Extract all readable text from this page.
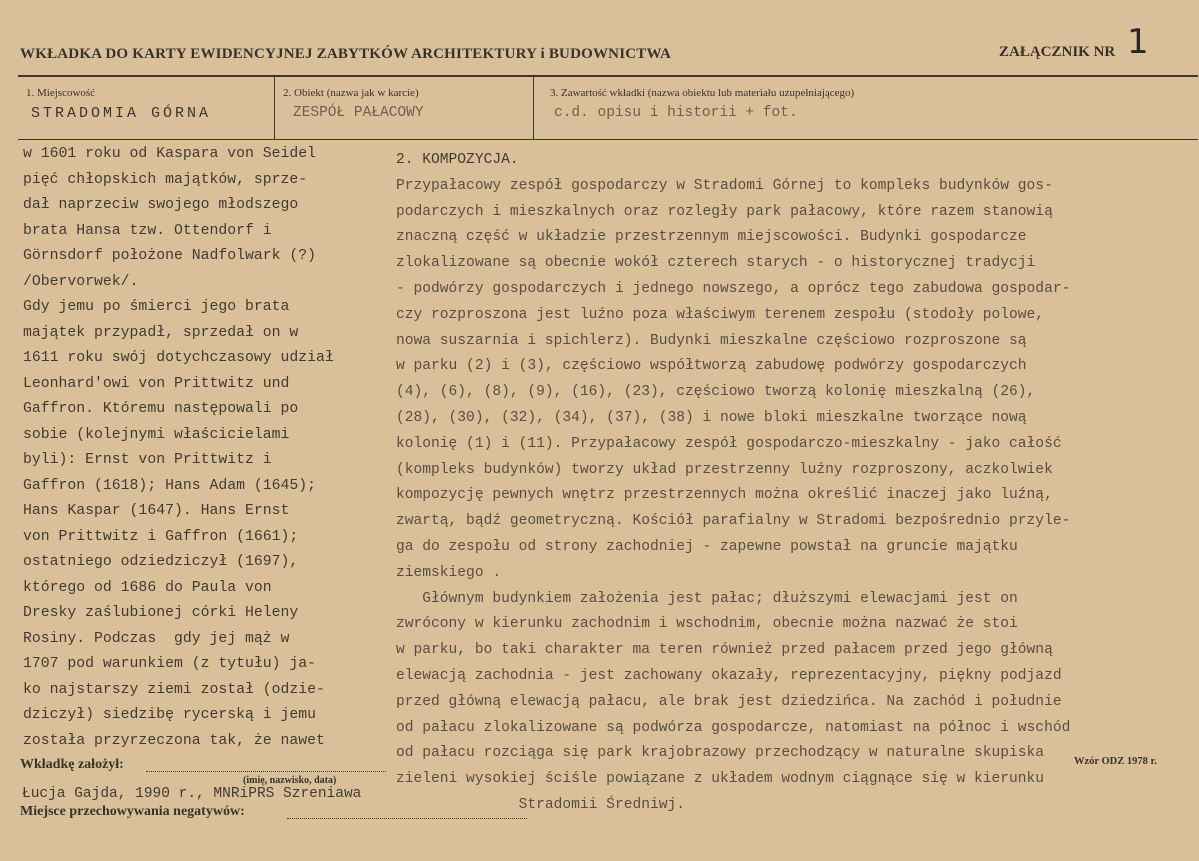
WKŁADKA DO KARTY EWIDENCYJNEJ ZABYTKÓW ARCHITEKTURY i BUDOWNICTWA	ZAŁĄCZNIK NR 1
1. Miejscowość
STRADOMIA GÓRNA
2. Obiekt (nazwa jak w karcie)
ZESPÓŁ PAŁACOWY
3. Zawartość wkładki (nazwa obiektu lub materiału uzupełniającego)
c.d. opisu i historii + fot.
w 1601 roku od Kaspara von Seidel
pięć chłopskich majątków, sprze-
dał naprzeciw swojego młodszego
brata Hansa tzw. Ottendorf i
Görnsdorf położone Nadfolwark (?)
/Obervorwek/.
Gdy jemu po śmierci jego brata
majątek przypadł, sprzedał on w
1611 roku swój dotychczasowy udział
Leonhard'owi von Prittwitz und
Gaffron. Któremu następowali po
sobie (kolejnymi właścicielami
byli): Ernst von Prittwitz i
Gaffron (1618); Hans Adam (1645);
Hans Kaspar (1647). Hans Ernst
von Prittwitz i Gaffron (1661);
ostatniego odziedziczył (1697),
którego od 1686 do Paula von
Dresky zaślubionej córki Heleny
Rosiny. Podczas  gdy jej mąż w
1707 pod warunkiem (z tytułu) ja-
ko najstarszy ziemi został (odzie-
dziczył) siedzibę rycerską i jemu
została przyrzeczona tak, że nawet
2. KOMPOZYCJA.
Przypałacowy zespół gospodarczy w Stradomi Górnej to kompleks budynków gos-
podarczych i mieszkalnych oraz rozległy park pałacowy, które razem stanowią
znaczną część w układzie przestrzennym miejscowości. Budynki gospodarcze
zlokalizowane są obecnie wokół czterech starych - o historycznej tradycji
- podwórzy gospodarczych i jednego nowszego, a oprócz tego zabudowa gospodar-
czy rozproszona jest luźno poza właściwym terenem zespołu (stodoły polowe,
nowa suszarnia i spichlerz). Budynki mieszkalne częściowo rozproszone są
w parku (2) i (3), częściowo współtworzą zabudowę podwórzy gospodarczych
(4), (6), (8), (9), (16), (23), częściowo tworzą kolonię mieszkalną (26),
(28), (30), (32), (34), (37), (38) i nowe bloki mieszkalne tworzące nową
kolonię (1) i (11). Przypałacowy zespół gospodarczo-mieszkalny - jako całość
(kompleks budynków) tworzy układ przestrzenny luźny rozproszony, aczkolwiek
kompozycję pewnych wnętrz przestrzennych można określić inaczej jako luźną,
zwartą, bądź geometryczną. Kościół parafialny w Stradomi bezpośrednio przyle-
ga do zespołu od strony zachodniej - zapewne powstał na gruncie majątku
ziemskiego .
Głównym budynkiem założenia jest pałac; dłuższymi elewacjami jest on
zwrócony w kierunku zachodnim i wschodnim, obecnie można nazwać że stoi
w parku, bo taki charakter ma teren również przed pałacem przed jego główną
elewacją zachodnia - jest zachowany okazały, reprezentacyjny, piękny podjazd
przed główną elewacją pałacu, ale brak jest dziedzińca. Na zachód i południe
od pałacu zlokalizowane są podwórza gospodarcze, natomiast na północ i wschód
od pałacu rozciąga się park krajobrazowy przechodzący w naturalne skupiska
zieleni wysokiej ściśle powiązane z układem wodnym ciągnące się w kierunku
Stradomii Średniwj.
Wkładkę założył:
(imię, nazwisko, data)
Łucja Gajda, 1990 r., MNRiPRS Szreniawa
Miejsce przechowywania negatywów:
Wzór ODZ 1978 r.
